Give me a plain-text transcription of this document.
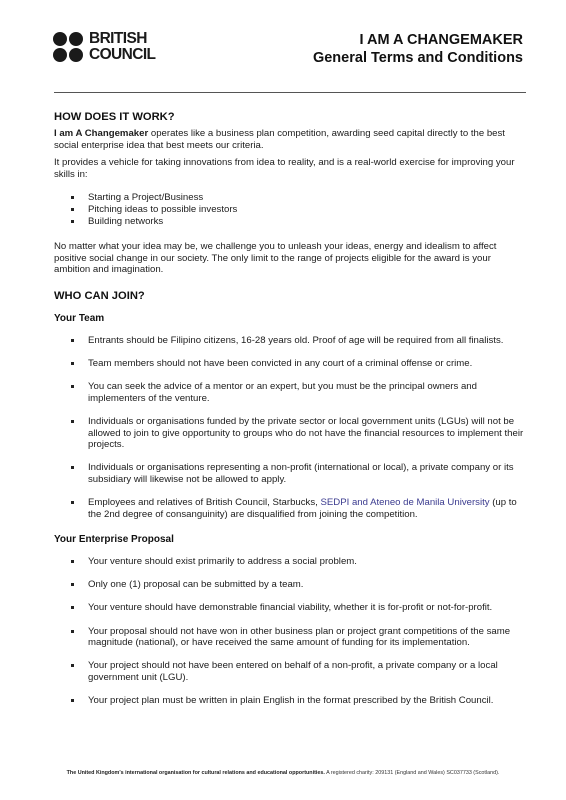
BRITISH
COUNCIL
I AM A CHANGEMAKER
General Terms and Conditions
HOW DOES IT WORK?

I am A Changemaker operates like a business plan competition, awarding seed capital directly to the best social enterprise idea that best meets our criteria.

It provides a vehicle for taking innovations from idea to reality, and is a real-world exercise for improving your skills in:

Starting a Project/Business
Pitching ideas to possible investors
Building networks

No matter what your idea may be, we challenge you to unleash your ideas, energy and idealism to affect positive social change in our society. The only limit to the range of projects eligible for the award is your ambition and imagination.

WHO CAN JOIN?
Your Team
Entrants should be Filipino citizens, 16-28 years old. Proof of age will be required from all finalists.
Team members should not have been convicted in any court of a criminal offense or crime.
You can seek the advice of a mentor or an expert, but you must be the principal owners and implementers of the venture.
Individuals or organisations funded by the private sector or local government units (LGUs) will not be allowed to join to give opportunity to groups who do not have the financial resources to implement their projects.
Individuals or organisations representing a non-profit (international or local), a private company or its subsidiary will likewise not be allowed to apply.
Employees and relatives of British Council, Starbucks, SEDPI and Ateneo de Manila University (up to the 2nd degree of consanguinity) are disqualified from joining the competition.
Your Enterprise Proposal
Your venture should exist primarily to address a social problem.
Only one (1) proposal can be submitted by a team.
Your venture should have demonstrable financial viability, whether it is for-profit or not-for-profit.
Your proposal should not have won in other business plan or project grant competitions of the same magnitude (national), or have received the same amount of funding for its implementation.
Your project should not have been entered on behalf of a non-profit, a private company or a local government unit (LGU).
Your project plan must be written in plain English in the format prescribed by the British Council.
The United Kingdom's international organisation for cultural relations and educational opportunities. A registered charity: 209131 (England and Wales) SC037733 (Scotland).
